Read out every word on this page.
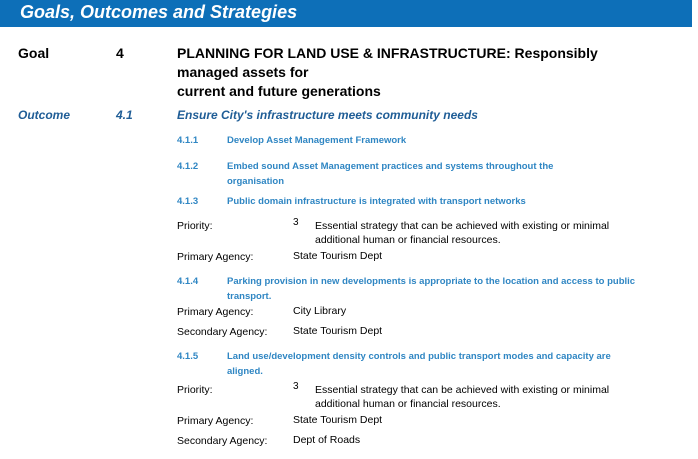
Goals, Outcomes and Strategies
Goal	4	PLANNING FOR LAND USE & INFRASTRUCTURE: Responsibly
managed assets for
current and future generations
Outcome	4.1	Ensure City's infrastructure meets community needs
4.1.1	Develop Asset Management Framework
4.1.2	Embed sound Asset Management practices and systems throughout the organisation
4.1.3	Public domain infrastructure is integrated with transport networks
Priority:	3 Essential strategy that can be achieved with existing or minimal additional human or financial resources.
Primary Agency:	State Tourism Dept
4.1.4	Parking provision in new developments is appropriate to the location and access to public transport.
Primary Agency:	City Library
Secondary Agency: State Tourism Dept
4.1.5	Land use/development density controls and public transport modes and capacity are aligned.
Priority:	3 Essential strategy that can be achieved with existing or minimal additional human or financial resources.
Primary Agency:	State Tourism Dept
Secondary Agency: Dept of Roads
